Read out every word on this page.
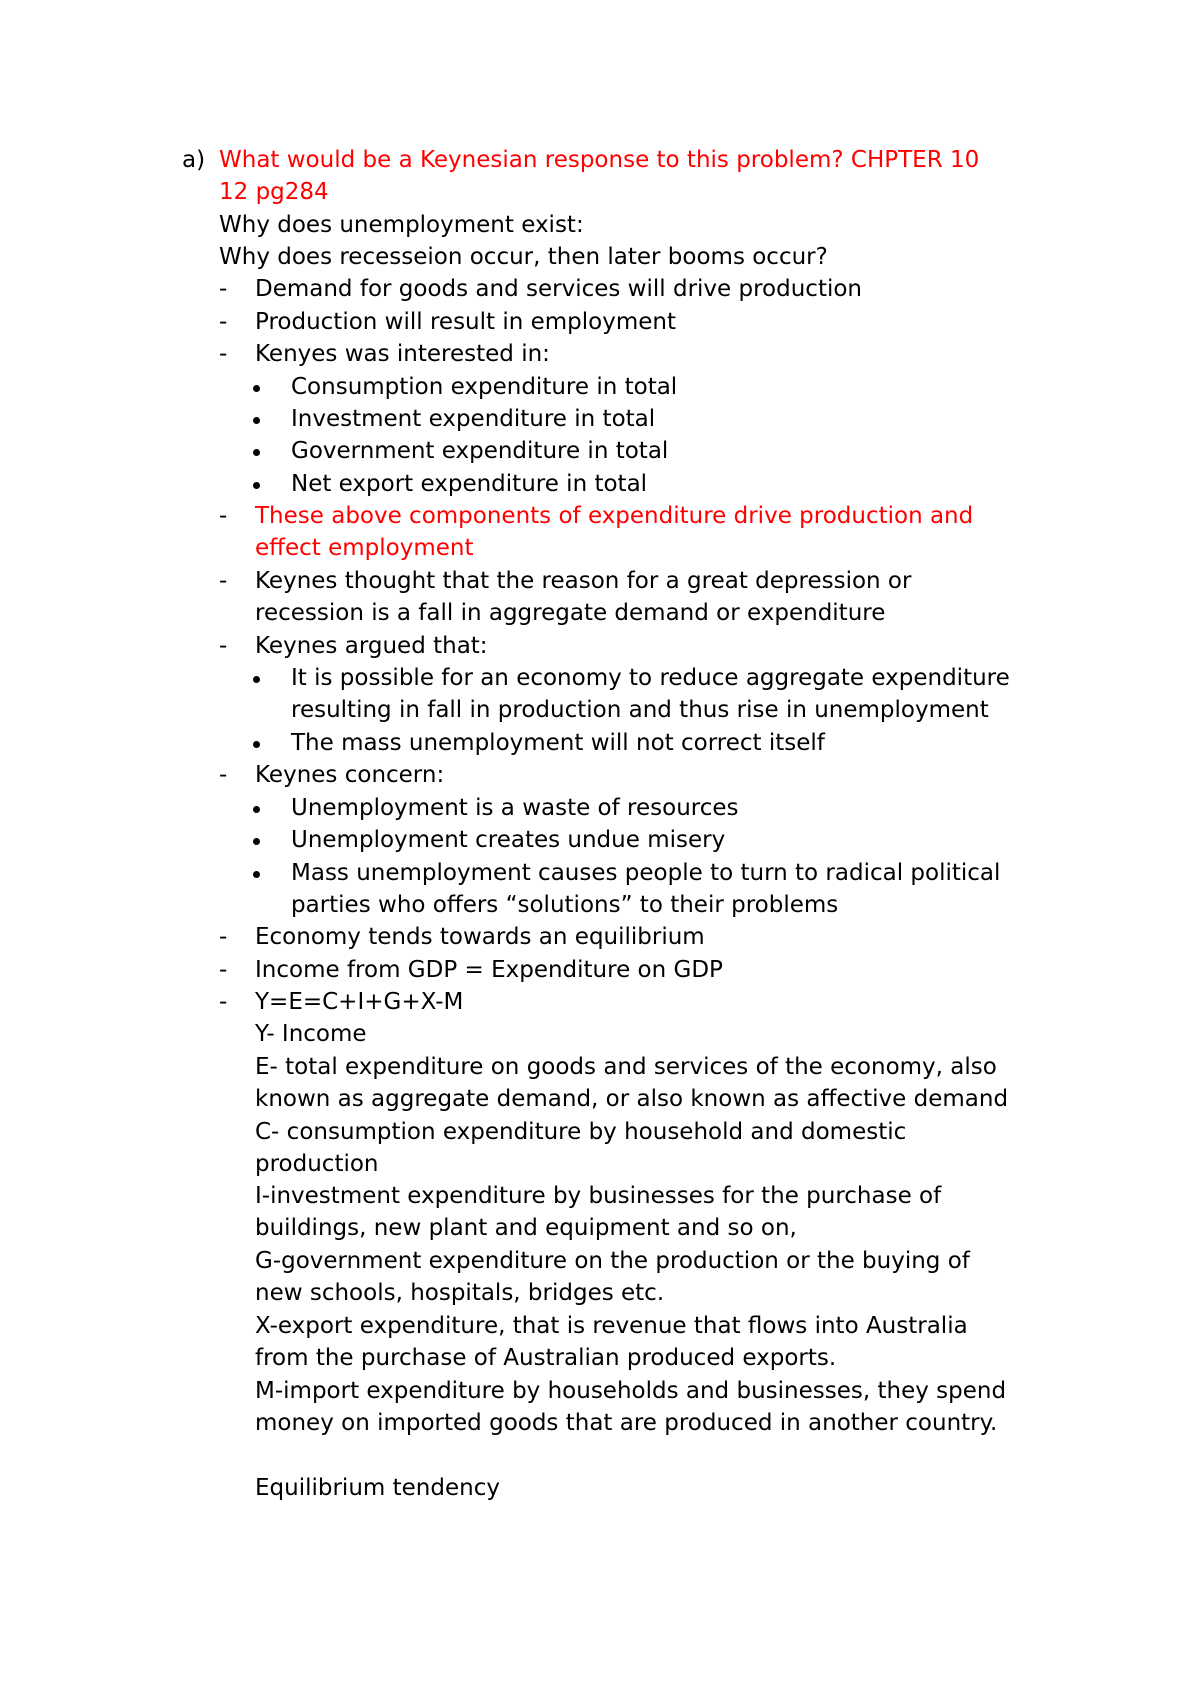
a) What would be a Keynesian response to this problem? CHPTER 10
12 pg284
Why does unemployment exist:
Why does recesseion occur, then later booms occur?
- Demand for goods and services will drive production
- Production will result in employment
- Kenyes was interested in:
Consumption expenditure in total
Investment expenditure in total
Government expenditure in total
Net export expenditure in total
- These above components of expenditure drive production and
effect employment
- Keynes thought that the reason for a great depression or
recession is a fall in aggregate demand or expenditure
- Keynes argued that:
It is possible for an economy to reduce aggregate expenditure
resulting in fall in production and thus rise in unemployment
The mass unemployment will not correct itself
- Keynes concern:
Unemployment is a waste of resources
Unemployment creates undue misery
Mass unemployment causes people to turn to radical political
parties who offers “solutions” to their problems
- Economy tends towards an equilibrium
- Income from GDP = Expenditure on GDP
- Y=E=C+I+G+X-M
Y- Income
E- total expenditure on goods and services of the economy, also
known as aggregate demand, or also known as affective demand
C- consumption expenditure by household and domestic
production
I-investment expenditure by businesses for the purchase of
buildings, new plant and equipment and so on,
G-government expenditure on the production or the buying of
new schools, hospitals, bridges etc.
X-export expenditure, that is revenue that flows into Australia
from the purchase of Australian produced exports.
M-import expenditure by households and businesses, they spend
money on imported goods that are produced in another country.
Equilibrium tendency
